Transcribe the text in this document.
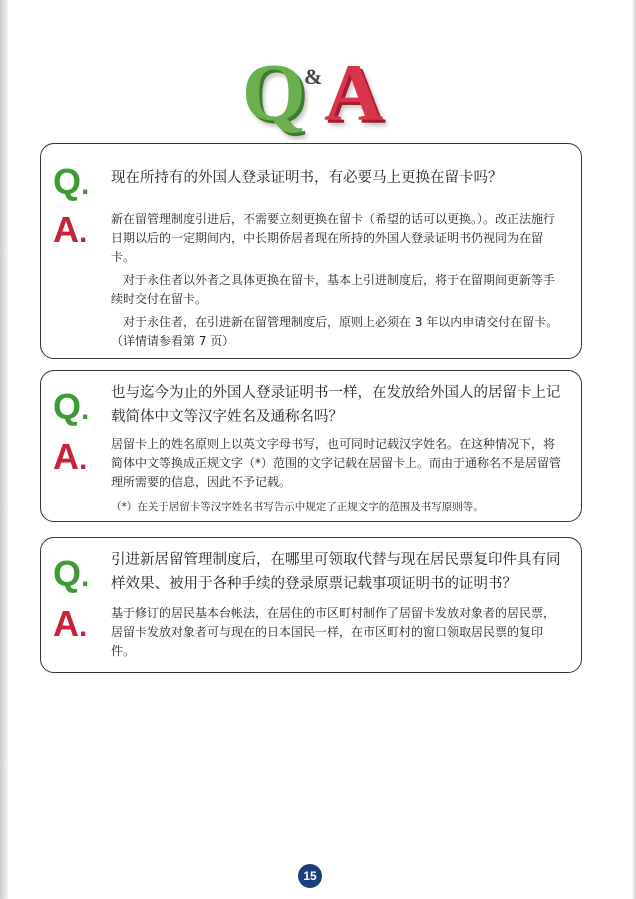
Q
& A
Q. 现在所持有的外国人登录证明书，有必要马上更换在留卡吗？
A. 新在留管理制度引进后，不需要立刻更换在留卡（希望的话可以更换。）。改正法施行日期以后的一定期间内，中长期侨居者现在所持的外国人登录证明书仍视同为在留卡。

对于永住者以外者之具体更换在留卡，基本上引进制度后，将于在留期间更新等手续时交付在留卡。

对于永住者，在引进新在留管理制度后，原则上必须在 3 年以内申请交付在留卡。（详情请参看第 7 页）

Q. 也与迄今为止的外国人登录证明书一样，在发放给外国人的居留卡上记载简体中文等汉字姓名及通称名吗？
A. 居留卡上的姓名原则上以英文字母书写，也可同时记载汉字姓名。在这种情况下，将简体中文等换成正规文字（*）范围的文字记载在居留卡上。而由于通称名不是居留管理所需要的信息，因此不予记载。

（*）在关于居留卡等汉字姓名书写告示中规定了正规文字的范围及书写原则等。

Q. 引进新居留管理制度后，在哪里可领取代替与现在居民票复印件具有同样效果、被用于各种手续的登录原票记载事项证明书的证明书？
A. 基于修订的居民基本台帐法，在居住的市区町村制作了居留卡发放对象者的居民票，居留卡发放对象者可与现在的日本国民一样，在市区町村的窗口领取居民票的复印件。

15
